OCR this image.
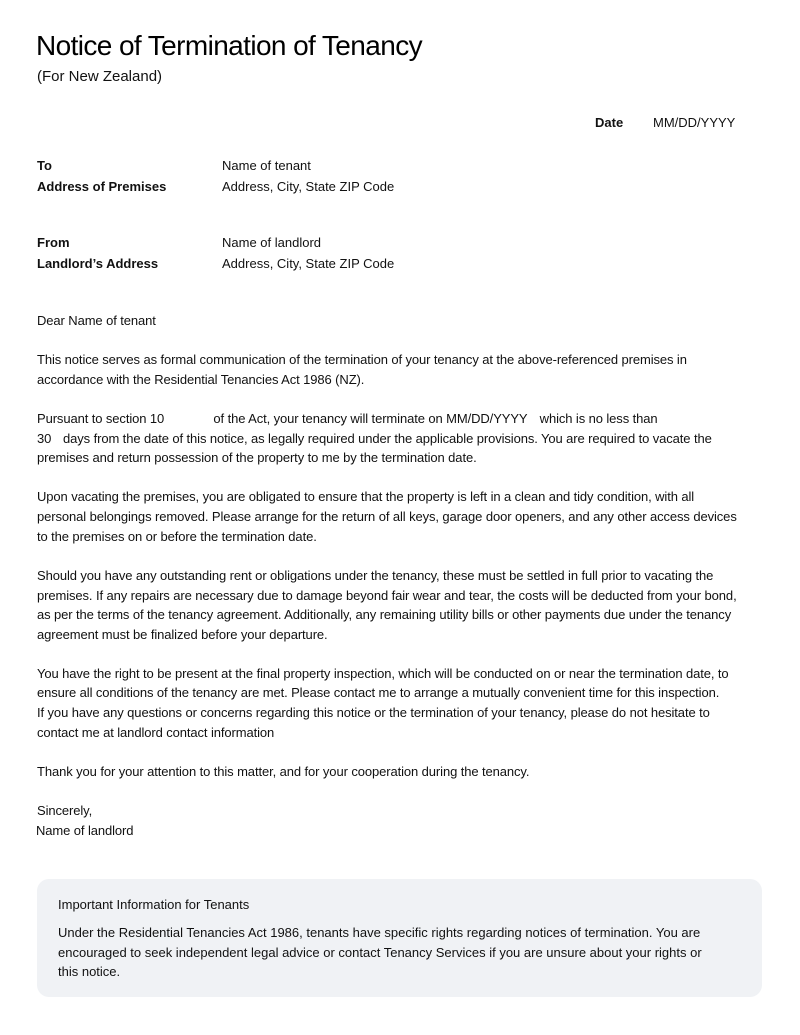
Notice of Termination of Tenancy
(For New Zealand)
Date MM/DD/YYYY
To	Name of tenant
Address of Premises	Address, City, State ZIP Code
From	Name of landlord
Landlord’s Address	Address, City, State ZIP Code
Dear Name of tenant
This notice serves as formal communication of the termination of your tenancy at the above-referenced premises in
accordance with the Residential Tenancies Act 1986 (NZ).
Pursuant to section 10	of the Act, your tenancy will terminate on MM/DD/YYYY which is no less than
30 days from the date of this notice, as legally required under the applicable provisions. You are required to vacate the
premises and return possession of the property to me by the termination date.
Upon vacating the premises, you are obligated to ensure that the property is left in a clean and tidy condition, with all
personal belongings removed. Please arrange for the return of all keys, garage door openers, and any other access devices
to the premises on or before the termination date.
Should you have any outstanding rent or obligations under the tenancy, these must be settled in full prior to vacating the
premises. If any repairs are necessary due to damage beyond fair wear and tear, the costs will be deducted from your bond,
as per the terms of the tenancy agreement. Additionally, any remaining utility bills or other payments due under the tenancy
agreement must be finalized before your departure.
You have the right to be present at the final property inspection, which will be conducted on or near the termination date, to
ensure all conditions of the tenancy are met. Please contact me to arrange a mutually convenient time for this inspection.
If you have any questions or concerns regarding this notice or the termination of your tenancy, please do not hesitate to
contact me at landlord contact information
Thank you for your attention to this matter, and for your cooperation during the tenancy.
Sincerely,
Name of landlord
Important Information for Tenants
Under the Residential Tenancies Act 1986, tenants have specific rights regarding notices of termination. You are
encouraged to seek independent legal advice or contact Tenancy Services if you are unsure about your rights or
this notice.
